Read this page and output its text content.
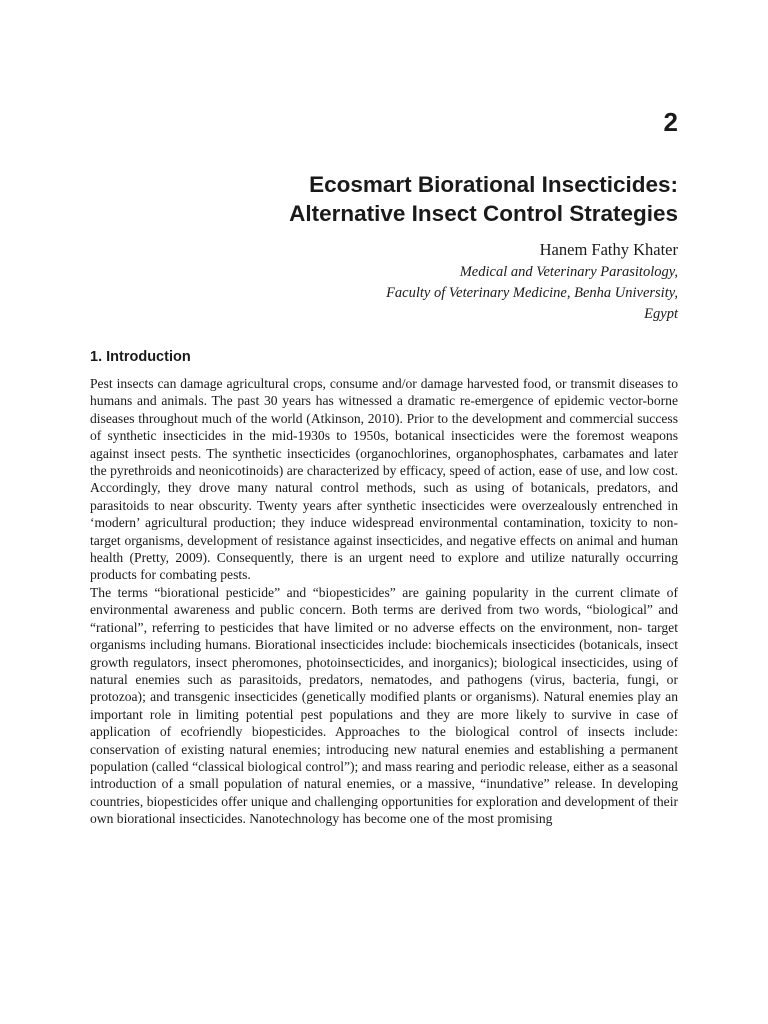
2
Ecosmart Biorational Insecticides:
Alternative Insect Control Strategies

Hanem Fathy Khater

Medical and Veterinary Parasitology,
Faculty of Veterinary Medicine, Benha University,
Egypt

1. Introduction

Pest insects can damage agricultural crops, consume and/or damage harvested food, or transmit diseases to humans and animals. The past 30 years has witnessed a dramatic re-emergence of epidemic vector-borne diseases throughout much of the world (Atkinson, 2010). Prior to the development and commercial success of synthetic insecticides in the mid-1930s to 1950s, botanical insecticides were the foremost weapons against insect pests. The synthetic insecticides (organochlorines, organophosphates, carbamates and later the pyrethroids and neonicotinoids) are characterized by efficacy, speed of action, ease of use, and low cost. Accordingly, they drove many natural control methods, such as using of botanicals, predators, and parasitoids to near obscurity. Twenty years after synthetic insecticides were overzealously entrenched in ‘modern’ agricultural production; they induce widespread environmental contamination, toxicity to non-target organisms, development of resistance against insecticides, and negative effects on animal and human health (Pretty, 2009). Consequently, there is an urgent need to explore and utilize naturally occurring products for combating pests.

The terms “biorational pesticide” and “biopesticides” are gaining popularity in the current climate of environmental awareness and public concern. Both terms are derived from two words, “biological” and “rational”, referring to pesticides that have limited or no adverse effects on the environment, non- target organisms including humans. Biorational insecticides include: biochemicals insecticides (botanicals, insect growth regulators, insect pheromones, photoinsecticides, and inorganics); biological insecticides, using of natural enemies such as parasitoids, predators, nematodes, and pathogens (virus, bacteria, fungi, or protozoa); and transgenic insecticides (genetically modified plants or organisms). Natural enemies play an important role in limiting potential pest populations and they are more likely to survive in case of application of ecofriendly biopesticides. Approaches to the biological control of insects include: conservation of existing natural enemies; introducing new natural enemies and establishing a permanent population (called “classical biological control”); and mass rearing and periodic release, either as a seasonal introduction of a small population of natural enemies, or a massive, “inundative” release. In developing countries, biopesticides offer unique and challenging opportunities for exploration and development of their own biorational insecticides. Nanotechnology has become one of the most promising
